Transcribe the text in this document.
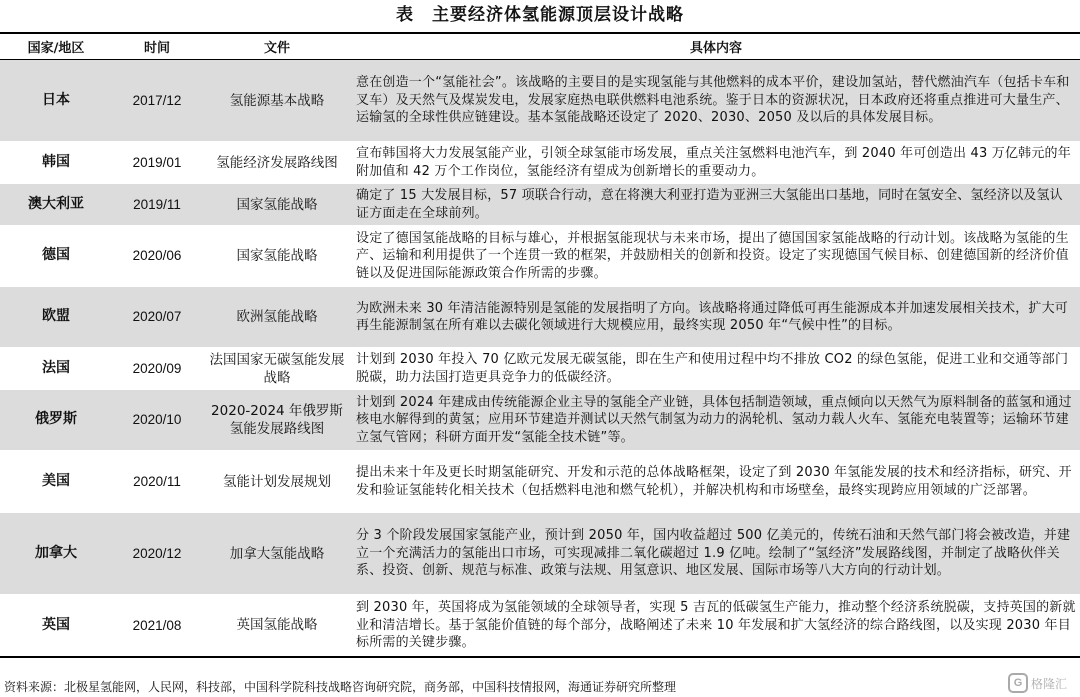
表 主要经济体氢能源顶层设计战略
国家/地区	时间	文件	具体内容
日本	2017/12	氢能源基本战略	意在创造一个“氢能社会”。该战略的主要目的是实现氢能与其他燃料的成本平价，建设加氢站，替代燃油汽车（包括卡车和叉车）及天然气及煤炭发电，发展家庭热电联供燃料电池系统。鉴于日本的资源状况，日本政府还将重点推进可大量生产、运输氢的全球性供应链建设。基本氢能战略还设定了 2020、2030、2050 及以后的具体发展目标。
韩国	2019/01	氢能经济发展路线图	宣布韩国将大力发展氢能产业，引领全球氢能市场发展，重点关注氢燃料电池汽车，到 2040 年可创造出 43 万亿韩元的年附加值和 42 万个工作岗位，氢能经济有望成为创新增长的重要动力。
澳大利亚	2019/11	国家氢能战略	确定了 15 大发展目标，57 项联合行动，意在将澳大利亚打造为亚洲三大氢能出口基地，同时在氢安全、氢经济以及氢认证方面走在全球前列。
德国	2020/06	国家氢能战略	设定了德国氢能战略的目标与雄心，并根据氢能现状与未来市场，提出了德国国家氢能战略的行动计划。该战略为氢能的生产、运输和利用提供了一个连贯一致的框架，并鼓励相关的创新和投资。设定了实现德国气候目标、创建德国新的经济价值链以及促进国际能源政策合作所需的步骤。
欧盟	2020/07	欧洲氢能战略	为欧洲未来 30 年清洁能源特别是氢能的发展指明了方向。该战略将通过降低可再生能源成本并加速发展相关技术，扩大可再生能源制氢在所有难以去碳化领域进行大规模应用，最终实现 2050 年“气候中性”的目标。
法国	2020/09	法国国家无碳氢能发展战略	计划到 2030 年投入 70 亿欧元发展无碳氢能，即在生产和使用过程中均不排放 CO2 的绿色氢能，促进工业和交通等部门脱碳，助力法国打造更具竞争力的低碳经济。
俄罗斯	2020/10	2020-2024 年俄罗斯氢能发展路线图	计划到 2024 年建成由传统能源企业主导的氢能全产业链，具体包括制造领域，重点倾向以天然气为原料制备的蓝氢和通过核电水解得到的黄氢；应用环节建造并测试以天然气制氢为动力的涡轮机、氢动力载人火车、氢能充电装置等；运输环节建立氢气管网；科研方面开发“氢能全技术链”等。
美国	2020/11	氢能计划发展规划	提出未来十年及更长时期氢能研究、开发和示范的总体战略框架，设定了到 2030 年氢能发展的技术和经济指标，研究、开发和验证氢能转化相关技术（包括燃料电池和燃气轮机），并解决机构和市场壁垒，最终实现跨应用领域的广泛部署。
加拿大	2020/12	加拿大氢能战略	分 3 个阶段发展国家氢能产业，预计到 2050 年，国内收益超过 500 亿美元的，传统石油和天然气部门将会被改造，并建立一个充满活力的氢能出口市场，可实现减排二氧化碳超过 1.9 亿吨。绘制了“氢经济”发展路线图，并制定了战略伙伴关系、投资、创新、规范与标准、政策与法规、用氢意识、地区发展、国际市场等八大方向的行动计划。
英国	2021/08	英国氢能战略	到 2030 年，英国将成为氢能领域的全球领导者，实现 5 吉瓦的低碳氢生产能力，推动整个经济系统脱碳，支持英国的新就业和清洁增长。基于氢能价值链的每个部分，战略阐述了未来 10 年发展和扩大氢经济的综合路线图，以及实现 2030 年目标所需的关键步骤。
资料来源：北极星氢能网，人民网，科技部，中国科学院科技战略咨询研究院，商务部，中国科技情报网，海通证券研究所整理	G 格隆汇
